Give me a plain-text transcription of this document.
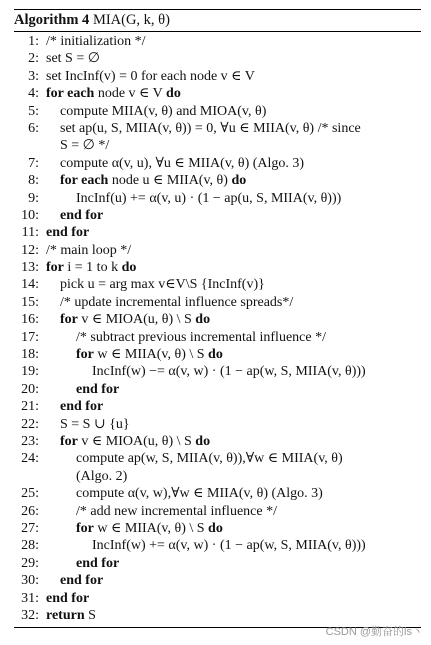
Algorithm 4 MIA(G, k, θ)
1: /* initialization */
2: set S = ∅
3: set IncInf(v) = 0 for each node v ∈ V
4: for each node v ∈ V do
5: compute MIIA(v, θ) and MIOA(v, θ)
6: set ap(u, S, MIIA(v, θ)) = 0, ∀u ∈ MIIA(v, θ) /* since
S = ∅ */
7: compute α(v, u), ∀u ∈ MIIA(v, θ) (Algo. 3)
8: for each node u ∈ MIIA(v, θ) do
9:	IncInf(u) += α(v, u) · (1 − ap(u, S, MIIA(v, θ)))
10: end for
11: end for
12: /* main loop */
13: for i = 1 to k do
14: pick u = arg max v∈V\S {IncInf(v)}
15: /* update incremental influence spreads*/
16: for v ∈ MIOA(u, θ) \ S do
17:	/* subtract previous incremental influence */
18:	for w ∈ MIIA(v, θ) \ S do
19:	IncInf(w) −= α(v, w) · (1 − ap(w, S, MIIA(v, θ)))
20:	end for
21: end for
22: S = S ∪ {u}
23: for v ∈ MIOA(u, θ) \ S do
24:	compute ap(w, S, MIIA(v, θ)),∀w ∈ MIIA(v, θ)
(Algo. 2)
25:	compute α(v, w),∀w ∈ MIIA(v, θ) (Algo. 3)
26:	/* add new incremental influence */
27:	for w ∈ MIIA(v, θ) \ S do
28:	IncInf(w) += α(v, w) · (1 − ap(w, S, MIIA(v, θ)))
29:	end for
30: end for
31: end for
32: return S
CSDN @勤奋的ls丶
